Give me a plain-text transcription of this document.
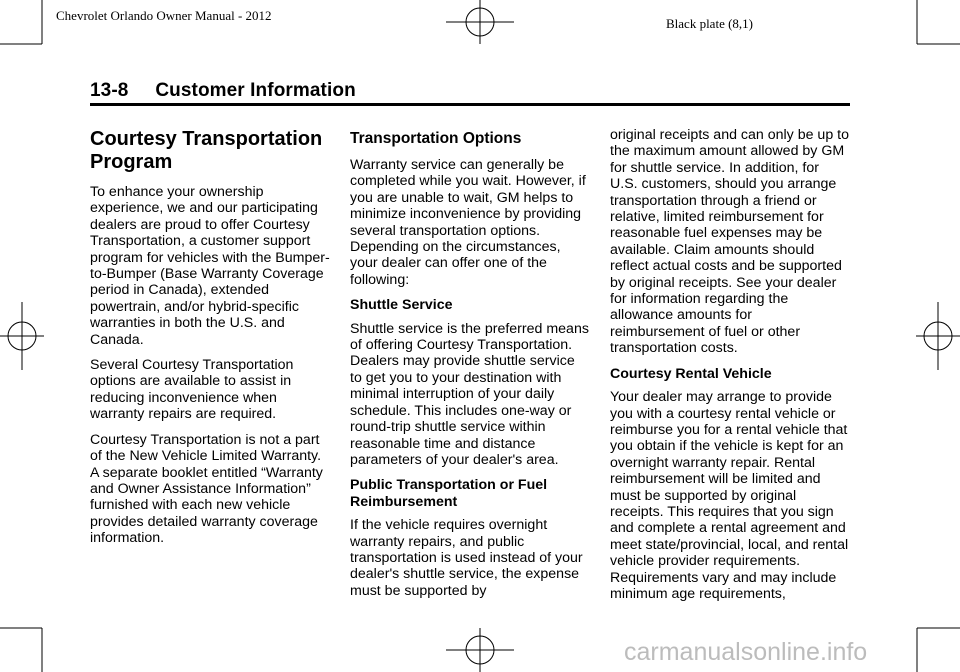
Chevrolet Orlando Owner Manual - 2012
Black plate (8,1)
13-8     Customer Information
Courtesy Transportation Program

To enhance your ownership experience, we and our participating dealers are proud to offer Courtesy Transportation, a customer support program for vehicles with the Bumper-to-Bumper (Base Warranty Coverage period in Canada), extended powertrain, and/or hybrid-specific warranties in both the U.S. and Canada.

Several Courtesy Transportation options are available to assist in reducing inconvenience when warranty repairs are required.

Courtesy Transportation is not a part of the New Vehicle Limited Warranty. A separate booklet entitled “Warranty and Owner Assistance Information” furnished with each new vehicle provides detailed warranty coverage information.

Transportation Options

Warranty service can generally be completed while you wait. However, if you are unable to wait, GM helps to minimize inconvenience by providing several transportation options. Depending on the circumstances, your dealer can offer one of the following:

Shuttle Service

Shuttle service is the preferred means of offering Courtesy Transportation. Dealers may provide shuttle service to get you to your destination with minimal interruption of your daily schedule. This includes one-way or round-trip shuttle service within reasonable time and distance parameters of your dealer's area.

Public Transportation or Fuel Reimbursement

If the vehicle requires overnight warranty repairs, and public transportation is used instead of your dealer's shuttle service, the expense must be supported by

original receipts and can only be up to the maximum amount allowed by GM for shuttle service. In addition, for U.S. customers, should you arrange transportation through a friend or relative, limited reimbursement for reasonable fuel expenses may be available. Claim amounts should reflect actual costs and be supported by original receipts. See your dealer for information regarding the allowance amounts for reimbursement of fuel or other transportation costs.

Courtesy Rental Vehicle

Your dealer may arrange to provide you with a courtesy rental vehicle or reimburse you for a rental vehicle that you obtain if the vehicle is kept for an overnight warranty repair. Rental reimbursement will be limited and must be supported by original receipts. This requires that you sign and complete a rental agreement and meet state/provincial, local, and rental vehicle provider requirements. Requirements vary and may include minimum age requirements,

carmanualsonline.info
